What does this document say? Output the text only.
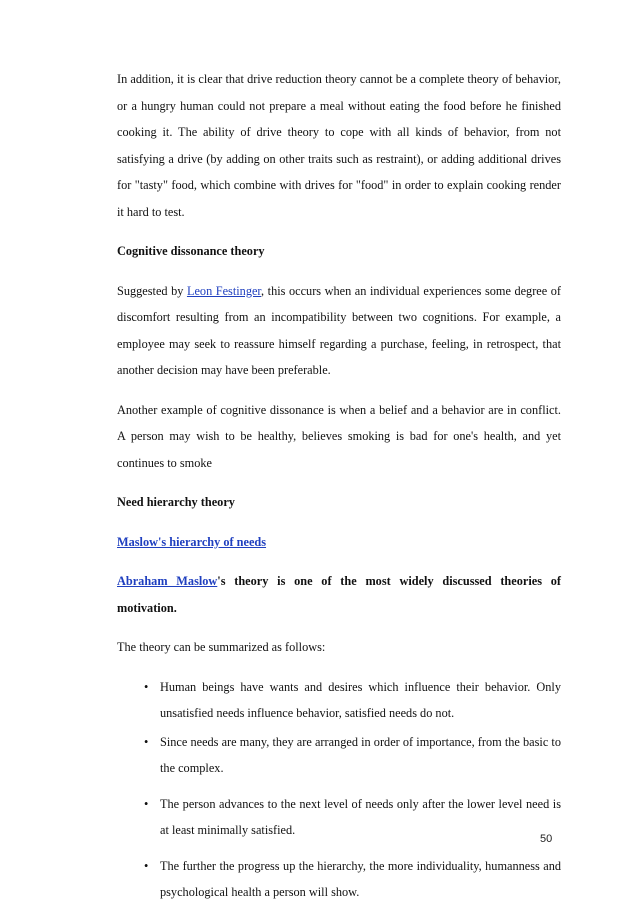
In addition, it is clear that drive reduction theory cannot be a complete theory of behavior, or a hungry human could not prepare a meal without eating the food before he finished cooking it. The ability of drive theory to cope with all kinds of behavior, from not satisfying a drive (by adding on other traits such as restraint), or adding additional drives for "tasty" food, which combine with drives for "food" in order to explain cooking render it hard to test.

Cognitive dissonance theory

Suggested by Leon Festinger, this occurs when an individual experiences some degree of discomfort resulting from an incompatibility between two cognitions. For example, a employee may seek to reassure himself regarding a purchase, feeling, in retrospect, that another decision may have been preferable.

Another example of cognitive dissonance is when a belief and a behavior are in conflict. A person may wish to be healthy, believes smoking is bad for one's health, and yet continues to smoke

Need hierarchy theory

Maslow's hierarchy of needs

Abraham Maslow's theory is one of the most widely discussed theories of motivation.

The theory can be summarized as follows:

• Human beings have wants and desires which influence their behavior. Only unsatisfied needs influence behavior, satisfied needs do not.
• Since needs are many, they are arranged in order of importance, from the basic to the complex.
• The person advances to the next level of needs only after the lower level need is at least minimally satisfied.
• The further the progress up the hierarchy, the more individuality, humanness and psychological health a person will show.
50
